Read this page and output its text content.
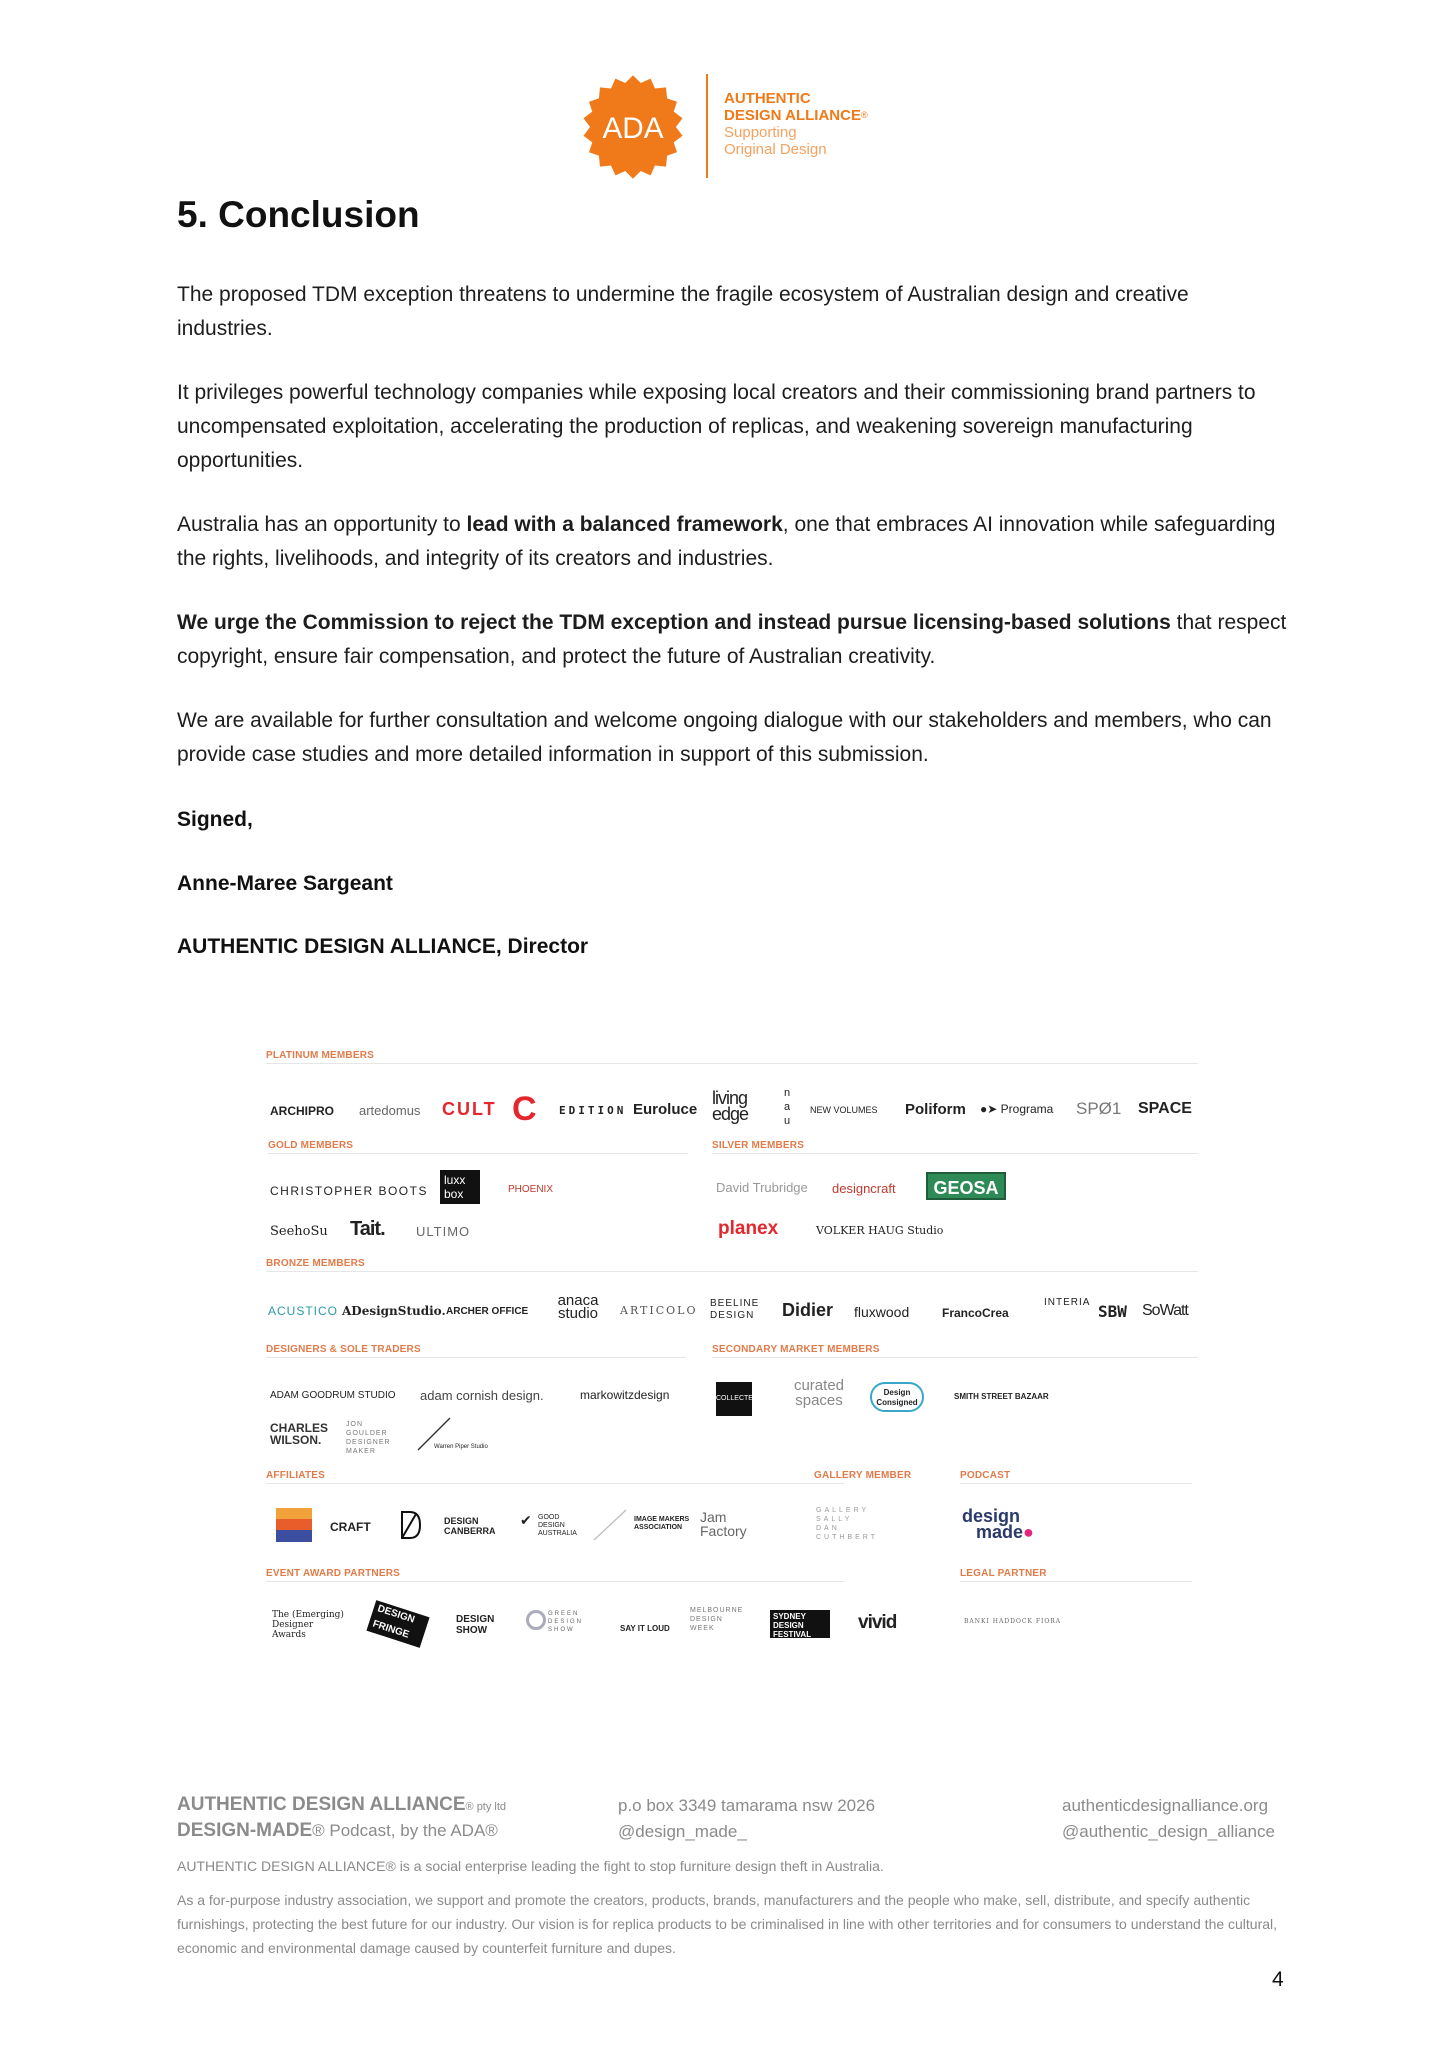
ADA
AUTHENTIC
DESIGN ALLIANCE®
Supporting
Original Design
5. Conclusion
The proposed TDM exception threatens to undermine the fragile ecosystem of Australian design and creative industries.
It privileges powerful technology companies while exposing local creators and their commissioning brand partners to uncompensated exploitation, accelerating the production of replicas, and weakening sovereign manufacturing opportunities.
Australia has an opportunity to lead with a balanced framework, one that embraces AI innovation while safeguarding the rights, livelihoods, and integrity of its creators and industries.
We urge the Commission to reject the TDM exception and instead pursue licensing-based solutions that respect copyright, ensure fair compensation, and protect the future of Australian creativity.
We are available for further consultation and welcome ongoing dialogue with our stakeholders and members, who can provide case studies and more detailed information in support of this submission.
Signed,
Anne-Maree Sargeant
AUTHENTIC DESIGN ALLIANCE, Director
PLATINUM MEMBERS
ARCHIPRO artedomus CULT C EDITION Euroluce
living edge
n a u
NEW VOLUMES Poliform ●➤ Programa SPØ1 SPACE
GOLD MEMBERS	SILVER MEMBERS
CHRISTOPHER BOOTS
luxx box	PHOENIX
SeehoSu Tait. ULTIMO
David Trubridge designcraft	GEOSA
planex	VOLKER HAUG Studio
BRONZE MEMBERS
ACUSTICO ADesignStudio. ARCHER OFFICE
anaca studio	ARTICOLO
BEELINE DESIGN	Didier fluxwood	FrancoCrea
INTERIA SBW SoWatt
DESIGNERS & SOLE TRADERS	SECONDARY MARKET MEMBERS
ADAM GOODRUM STUDIO adam cornish design.	markowitzdesign
CHARLES WILSON.
JON GOULDER DESIGNER MAKER
Warren Piper Studio
COLLECTE
curated spaces	Design Consigned
SMITH STREET BAZAAR
AFFILIATES	GALLERY MEMBER	PODCAST
CRAFT	DESIGN CANBERRA
✔ GOOD DESIGN AUSTRALIA
IMAGE MAKERS ASSOCIATION
Jam Factory
GALLERY SALLY DAN CUTHBERT
design
made●
EVENT AWARD PARTNERS	LEGAL PARTNER
The (Emerging) Designer Awards
DESIGN FRINGE	DESIGN SHOW
GREEN DESIGN SHOW	SAY IT LOUD
MELBOURNE DESIGN WEEK
SYDNEY DESIGN FESTIVAL
vivid	BANKI HADDOCK FIORA
AUTHENTIC DESIGN ALLIANCE® pty ltd
DESIGN-MADE® Podcast, by the ADA®
p.o box 3349 tamarama nsw 2026
@design_made_
authenticdesignalliance.org
@authentic_design_alliance
AUTHENTIC DESIGN ALLIANCE® is a social enterprise leading the fight to stop furniture design theft in Australia.
As a for-purpose industry association, we support and promote the creators, products, brands, manufacturers and the people who make, sell, distribute, and specify authentic furnishings, protecting the best future for our industry. Our vision is for replica products to be criminalised in line with other territories and for consumers to understand the cultural, economic and environmental damage caused by counterfeit furniture and dupes.
4
